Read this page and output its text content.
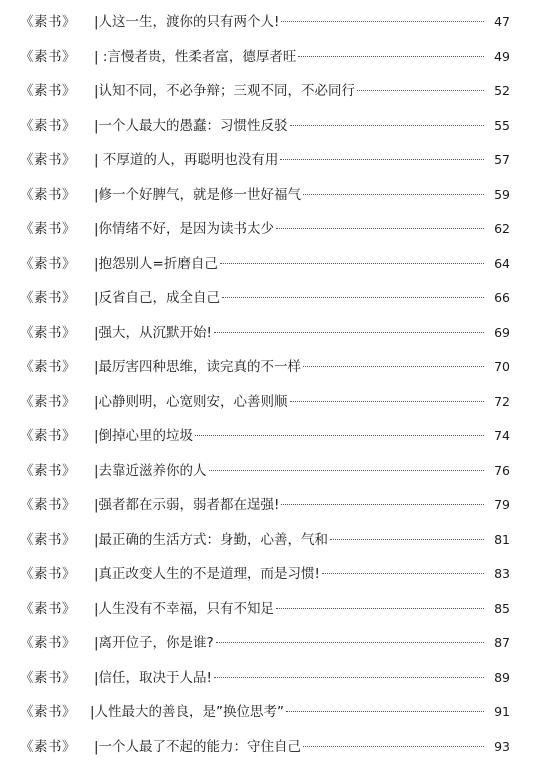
《素书》 |人这一生，渡你的只有两个人!	47
《素书》 | :言慢者贵，性柔者富，德厚者旺	49
《素书》 |认知不同，不必争辩；三观不同，不必同行	52
《素书》 |一个人最大的愚蠢：习惯性反驳	55
《素书》 | 不厚道的人，再聪明也没有用	57
《素书》 |修一个好脾气，就是修一世好福气	59
《素书》 |你情绪不好，是因为读书太少	62
《素书》 |抱怨别人=折磨自己	64
《素书》 |反省自己，成全自己	66
《素书》 |强大，从沉默开始!	69
《素书》 |最厉害四种思维，读完真的不一样	70
《素书》 |心静则明，心宽则安，心善则顺	72
《素书》 |倒掉心里的垃圾	74
《素书》 |去靠近滋养你的人	76
《素书》 |强者都在示弱，弱者都在逞强!	79
《素书》 |最正确的生活方式：身勤，心善，气和	81
《素书》 |真正改变人生的不是道理，而是习惯!	83
《素书》 |人生没有不幸福，只有不知足	85
《素书》 |离开位子，你是谁?	87
《素书》 |信任，取决于人品!	89
《素书》 |人性最大的善良，是”换位思考”	91
《素书》 |一个人最了不起的能力：守住自己	93
